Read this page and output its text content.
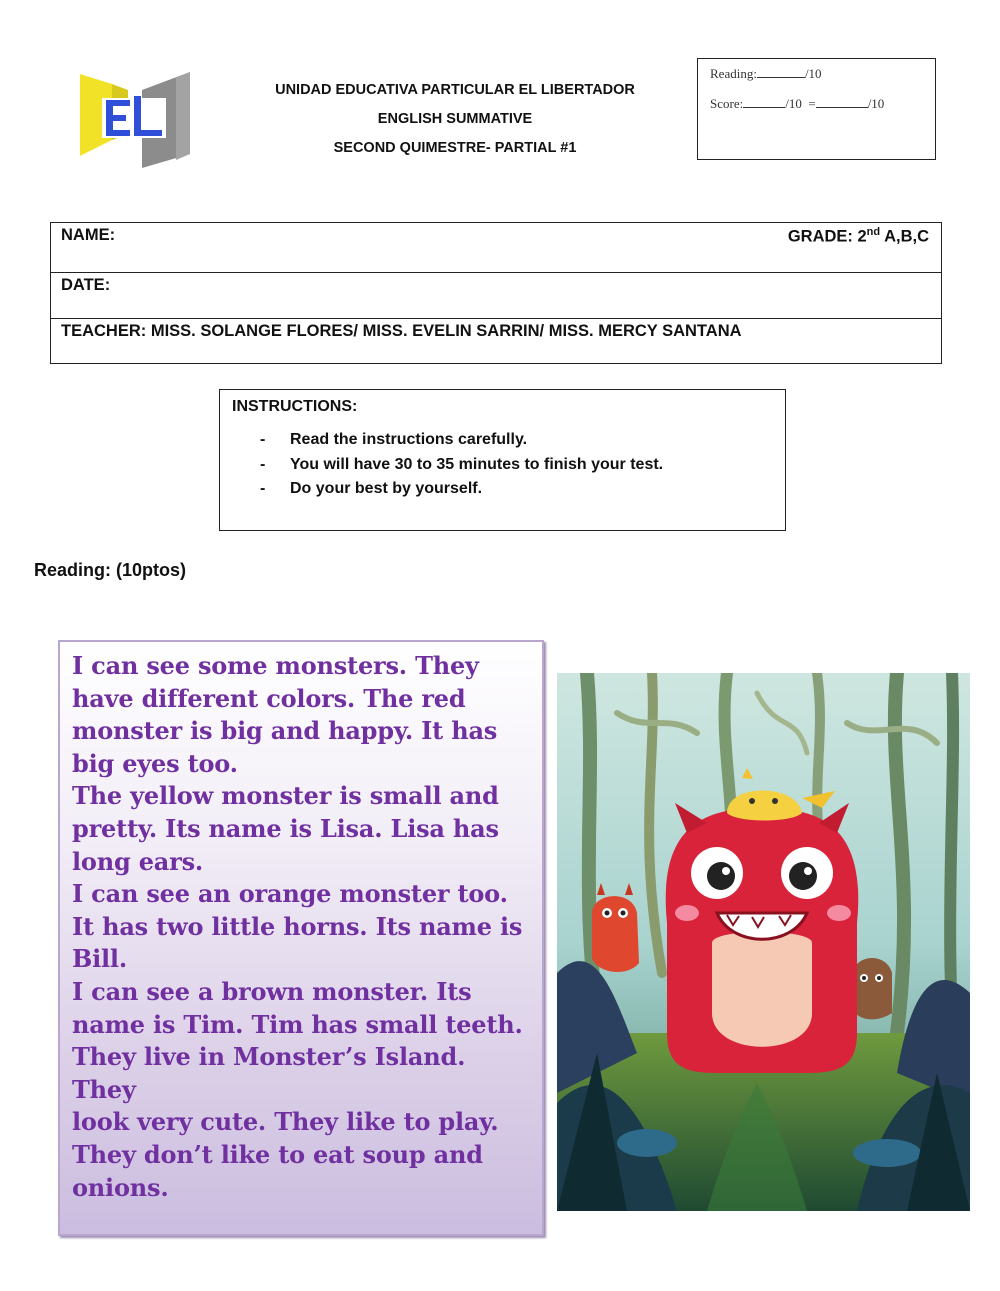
EL
UNIDAD EDUCATIVA PARTICULAR EL LIBERTADOR
ENGLISH SUMMATIVE
SECOND QUIMESTRE- PARTIAL #1
Reading:	/10
Score:	/10 =	/10
NAME:	GRADE: 2nd A,B,C
DATE:
TEACHER: MISS. SOLANGE FLORES/ MISS. EVELIN SARRIN/ MISS. MERCY SANTANA
INSTRUCTIONS:
- Read the instructions carefully.
- You will have 30 to 35 minutes to finish your test.
- Do your best by yourself.
Reading: (10ptos)
I can see some monsters. They
have different colors. The red
monster is big and happy. It has
big eyes too.
The yellow monster is small and
pretty. Its name is Lisa. Lisa has
long ears.
I can see an orange monster too.
It has two little horns. Its name is
Bill.
I can see a brown monster. Its
name is Tim. Tim has small teeth.
They live in Monster’s Island. They
look very cute. They like to play.
They don’t like to eat soup and
onions.
